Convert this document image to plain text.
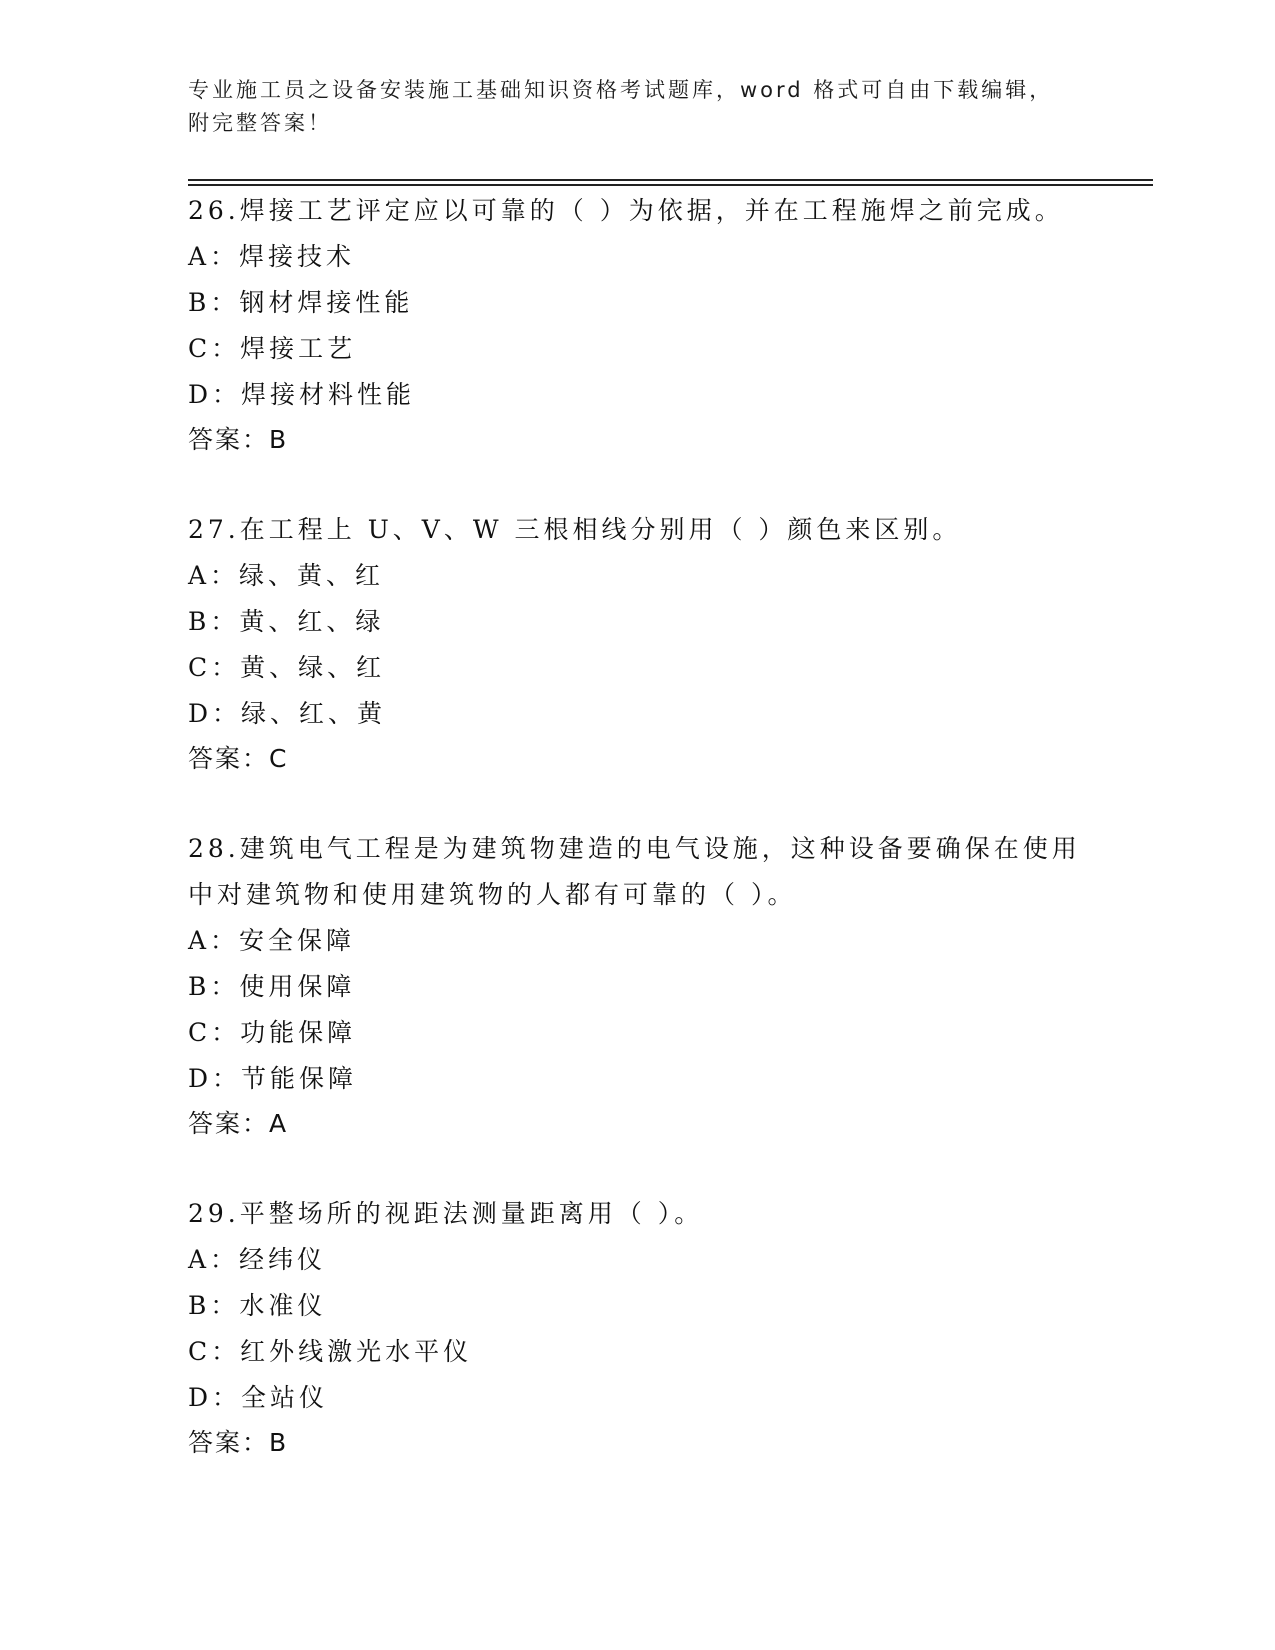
专业施工员之设备安装施工基础知识资格考试题库，word 格式可自由下载编辑，
附完整答案！

26.焊接工艺评定应以可靠的（ ）为依据，并在工程施焊之前完成。

A：焊接技术

B：钢材焊接性能

C：焊接工艺

D：焊接材料性能

答案：B

27.在工程上 U、V、W 三根相线分别用（ ）颜色来区别。

A：绿、黄、红

B：黄、红、绿

C：黄、绿、红

D：绿、红、黄

答案：C

28.建筑电气工程是为建筑物建造的电气设施，这种设备要确保在使用

中对建筑物和使用建筑物的人都有可靠的（ ）。

A：安全保障

B：使用保障

C：功能保障

D：节能保障

答案：A

29.平整场所的视距法测量距离用（ ）。

A：经纬仪

B：水准仪

C：红外线激光水平仪

D：全站仪

答案：B
